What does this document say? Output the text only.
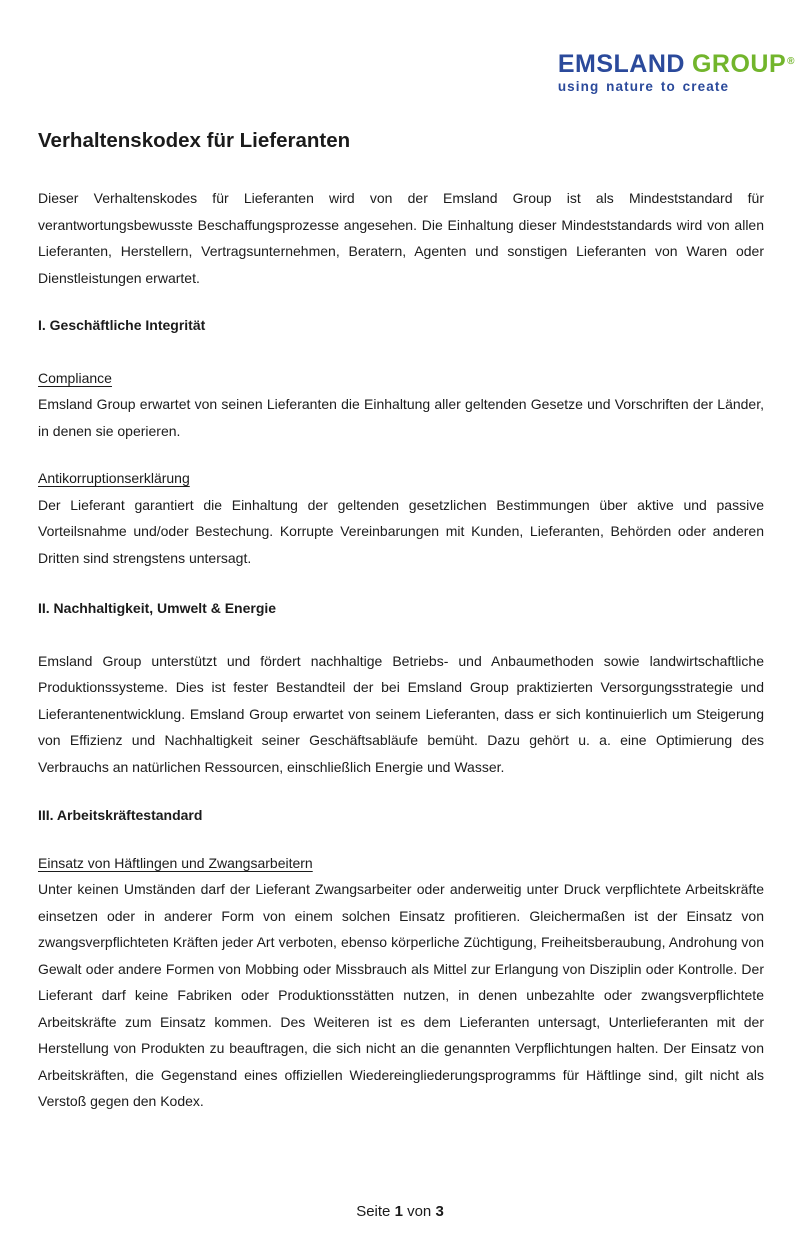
EMSLAND GROUP®
using nature to create
Verhaltenskodex für Lieferanten

Dieser Verhaltenskodes für Lieferanten wird von der Emsland Group ist als Mindeststandard für verantwortungsbewusste Beschaffungsprozesse angesehen. Die Einhaltung dieser Mindeststandards wird von allen Lieferanten, Herstellern, Vertragsunternehmen, Beratern, Agenten und sonstigen Lieferanten von Waren oder Dienstleistungen erwartet.

I. Geschäftliche Integrität
Compliance

Emsland Group erwartet von seinen Lieferanten die Einhaltung aller geltenden Gesetze und Vorschriften der Länder, in denen sie operieren.

Antikorruptionserklärung

Der Lieferant garantiert die Einhaltung der geltenden gesetzlichen Bestimmungen über aktive und passive Vorteilsnahme und/oder Bestechung. Korrupte Vereinbarungen mit Kunden, Lieferanten, Behörden oder anderen Dritten sind strengstens untersagt.

II. Nachhaltigkeit, Umwelt & Energie

Emsland Group unterstützt und fördert nachhaltige Betriebs- und Anbaumethoden sowie landwirtschaftliche Produktionssysteme. Dies ist fester Bestandteil der bei Emsland Group praktizierten Versorgungsstrategie und Lieferantenentwicklung. Emsland Group erwartet von seinem Lieferanten, dass er sich kontinuierlich um Steigerung von Effizienz und Nachhaltigkeit seiner Geschäftsabläufe bemüht. Dazu gehört u. a. eine Optimierung des Verbrauchs an natürlichen Ressourcen, einschließlich Energie und Wasser.

III. Arbeitskräftestandard
Einsatz von Häftlingen und Zwangsarbeitern

Unter keinen Umständen darf der Lieferant Zwangsarbeiter oder anderweitig unter Druck verpflichtete Arbeitskräfte einsetzen oder in anderer Form von einem solchen Einsatz profitieren. Gleichermaßen ist der Einsatz von zwangsverpflichteten Kräften jeder Art verboten, ebenso körperliche Züchtigung, Freiheitsberaubung, Androhung von Gewalt oder andere Formen von Mobbing oder Missbrauch als Mittel zur Erlangung von Disziplin oder Kontrolle. Der Lieferant darf keine Fabriken oder Produktionsstätten nutzen, in denen unbezahlte oder zwangsverpflichtete Arbeitskräfte zum Einsatz kommen. Des Weiteren ist es dem Lieferanten untersagt, Unterlieferanten mit der Herstellung von Produkten zu beauftragen, die sich nicht an die genannten Verpflichtungen halten. Der Einsatz von Arbeitskräften, die Gegenstand eines offiziellen Wiedereingliederungsprogramms für Häftlinge sind, gilt nicht als Verstoß gegen den Kodex.

Seite 1 von 3
